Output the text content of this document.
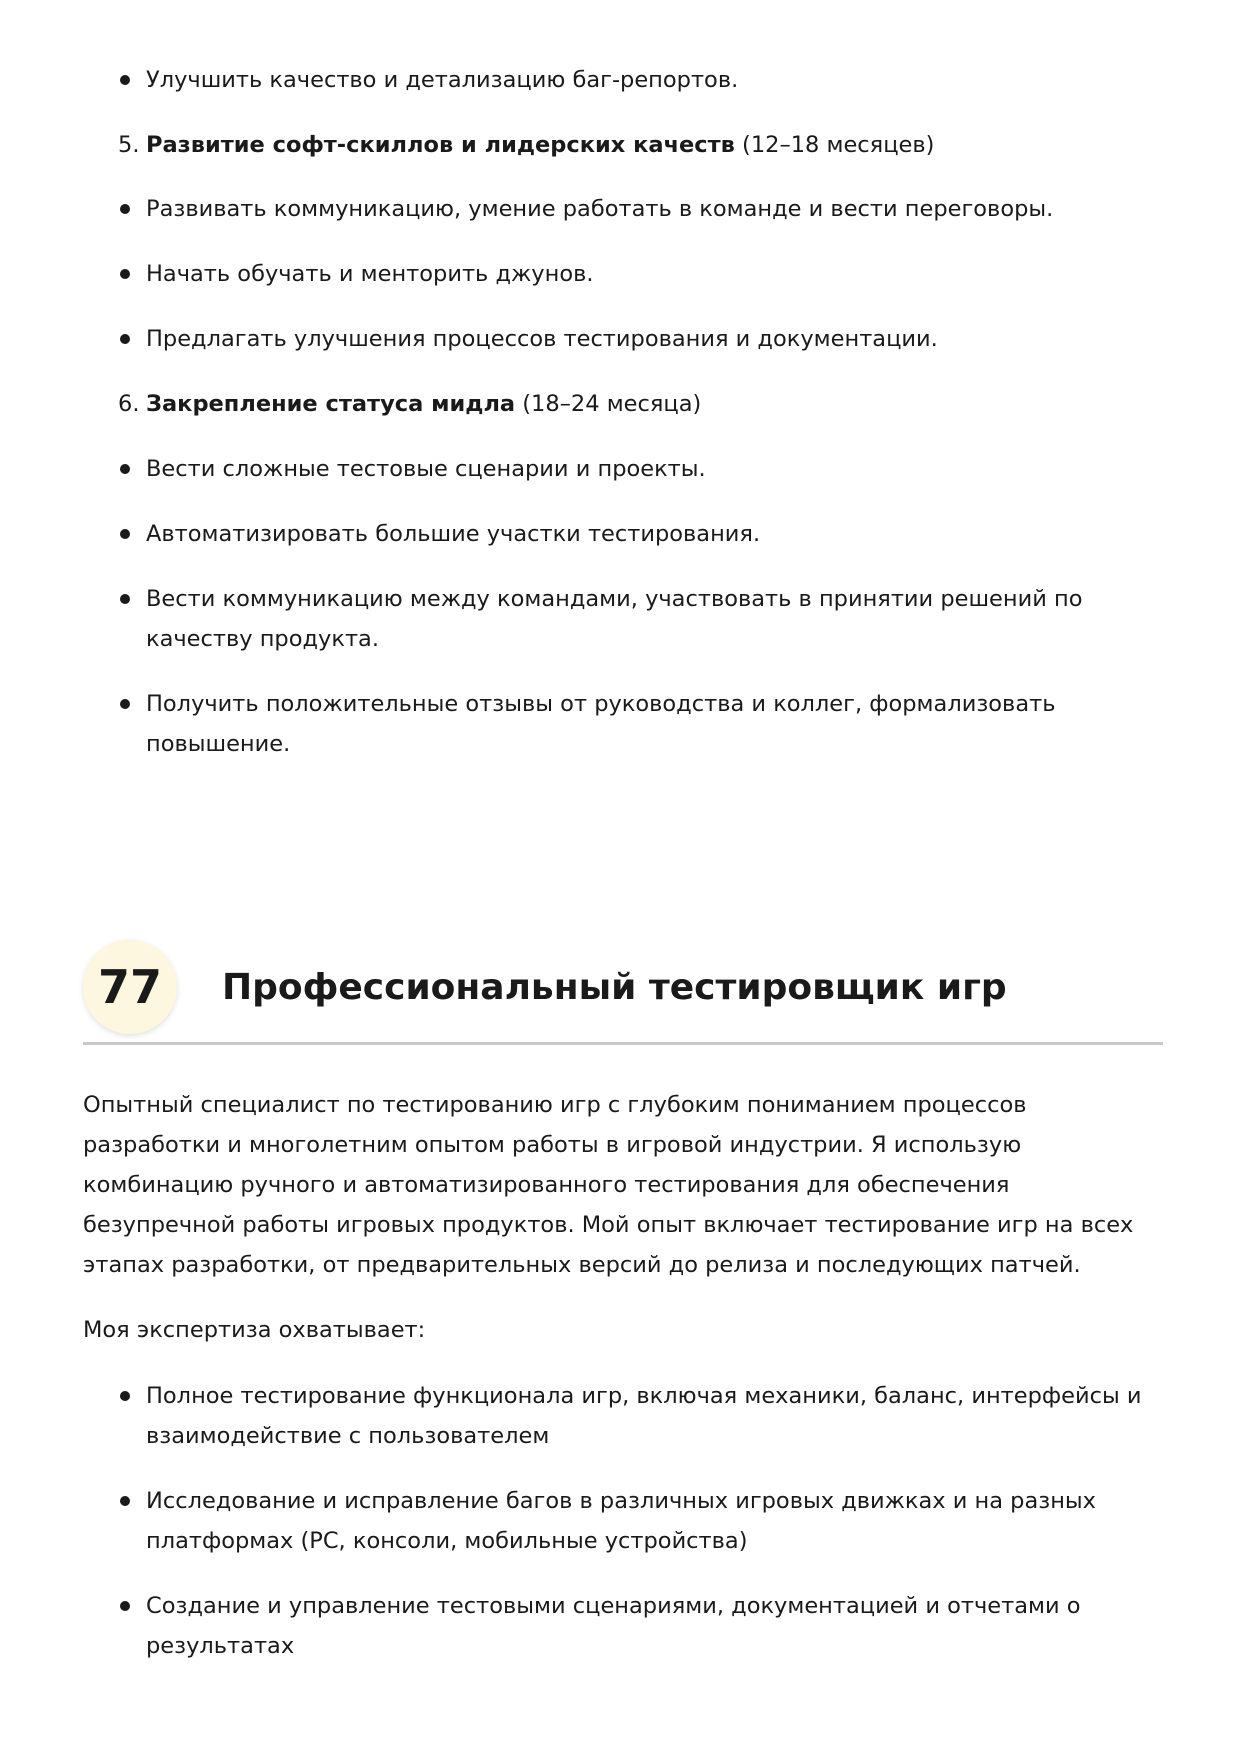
Улучшить качество и детализацию баг-репортов.
5. Развитие софт-скиллов и лидерских качеств (12–18 месяцев)
Развивать коммуникацию, умение работать в команде и вести переговоры.
Начать обучать и менторить джунов.
Предлагать улучшения процессов тестирования и документации.
6. Закрепление статуса мидла (18–24 месяца)
Вести сложные тестовые сценарии и проекты.
Автоматизировать большие участки тестирования.
Вести коммуникацию между командами, участвовать в принятии решений по качеству продукта.
Получить положительные отзывы от руководства и коллег, формализовать повышение.
77	Профессиональный тестировщик игр
Опытный специалист по тестированию игр с глубоким пониманием процессов разработки и многолетним опытом работы в игровой индустрии. Я использую комбинацию ручного и автоматизированного тестирования для обеспечения безупречной работы игровых продуктов. Мой опыт включает тестирование игр на всех этапах разработки, от предварительных версий до релиза и последующих патчей.
Моя экспертиза охватывает:
Полное тестирование функционала игр, включая механики, баланс, интерфейсы и взаимодействие с пользователем
Исследование и исправление багов в различных игровых движках и на разных платформах (PC, консоли, мобильные устройства)
Создание и управление тестовыми сценариями, документацией и отчетами о результатах
